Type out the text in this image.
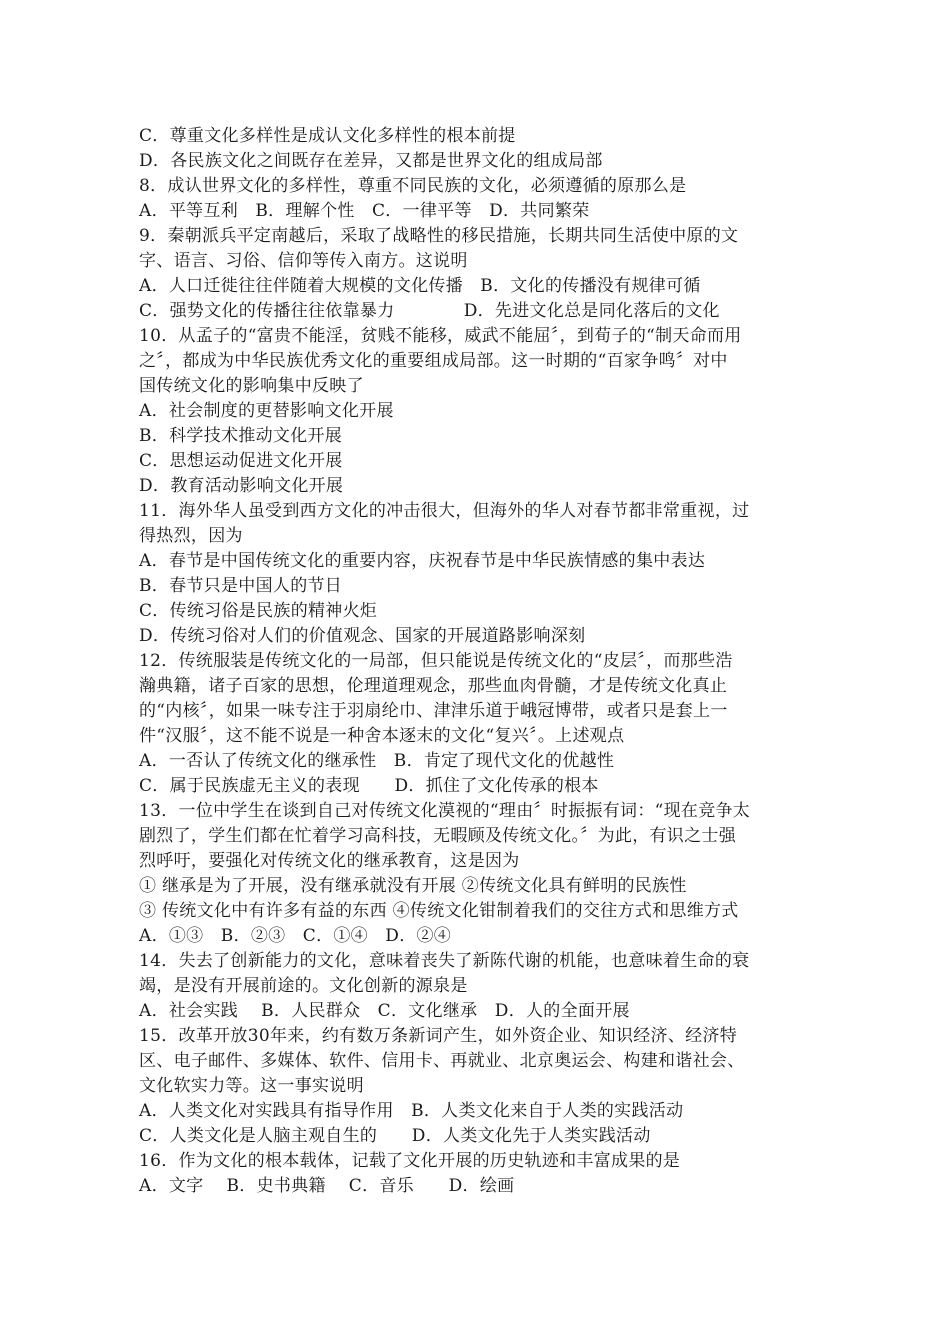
C．尊重文化多样性是成认文化多样性的根本前提
D．各民族文化之间既存在差异，又都是世界文化的组成局部
8．成认世界文化的多样性，尊重不同民族的文化，必须遵循的原那么是
A．平等互利　B．理解个性　C．一律平等　D．共同繁荣
9．秦朝派兵平定南越后，采取了战略性的移民措施，长期共同生活使中原的文
字、语言、习俗、信仰等传入南方。这说明
A．人口迁徙往往伴随着大规模的文化传播　B．文化的传播没有规律可循
C．强势文化的传播往往依靠暴力　　　　D．先进文化总是同化落后的文化
10．从孟子的“富贵不能淫，贫贱不能移，威武不能屈〞，到荀子的“制天命而用
之〞，都成为中华民族优秀文化的重要组成局部。这一时期的“百家争鸣〞对中
国传统文化的影响集中反映了
A．社会制度的更替影响文化开展
B．科学技术推动文化开展
C．思想运动促进文化开展
D．教育活动影响文化开展
11．海外华人虽受到西方文化的冲击很大，但海外的华人对春节都非常重视，过
得热烈，因为
A．春节是中国传统文化的重要内容，庆祝春节是中华民族情感的集中表达
B．春节只是中国人的节日
C．传统习俗是民族的精神火炬
D．传统习俗对人们的价值观念、国家的开展道路影响深刻
12．传统服装是传统文化的一局部，但只能说是传统文化的“皮层〞，而那些浩
瀚典籍，诸子百家的思想，伦理道理观念，那些血肉骨髓，才是传统文化真止
的“内核〞，如果一味专注于羽扇纶巾、津津乐道于峨冠博带，或者只是套上一
件“汉服〞，这不能不说是一种舍本逐末的文化“复兴〞。上述观点
A．一否认了传统文化的继承性　B．肯定了现代文化的优越性
C．属于民族虚无主义的表现　　D．抓住了文化传承的根本
13．一位中学生在谈到自己对传统文化漠视的“理由〞时振振有词：“现在竞争太
剧烈了，学生们都在忙着学习高科技，无暇顾及传统文化。〞为此，有识之士强
烈呼吁，要强化对传统文化的继承教育，这是因为
① 继承是为了开展，没有继承就没有开展 ②传统文化具有鲜明的民族性
③ 传统文化中有许多有益的东西 ④传统文化钳制着我们的交往方式和思维方式
A．①③　B．②③　C．①④　D．②④
14．失去了创新能力的文化，意味着丧失了新陈代谢的机能，也意味着生命的衰
竭，是没有开展前途的。文化创新的源泉是
A．社会实践　 B．人民群众　C．文化继承　D．人的全面开展
15．改革开放30年来，约有数万条新词产生，如外资企业、知识经济、经济特
区、电子邮件、多媒体、软件、信用卡、再就业、北京奥运会、构建和谐社会、
文化软实力等。这一事实说明
A．人类文化对实践具有指导作用　B．人类文化来自于人类的实践活动
C．人类文化是人脑主观自生的　　D．人类文化先于人类实践活动
16．作为文化的根本载体，记载了文化开展的历史轨迹和丰富成果的是
A．文字　 B．史书典籍　 C．音乐　　D．绘画
